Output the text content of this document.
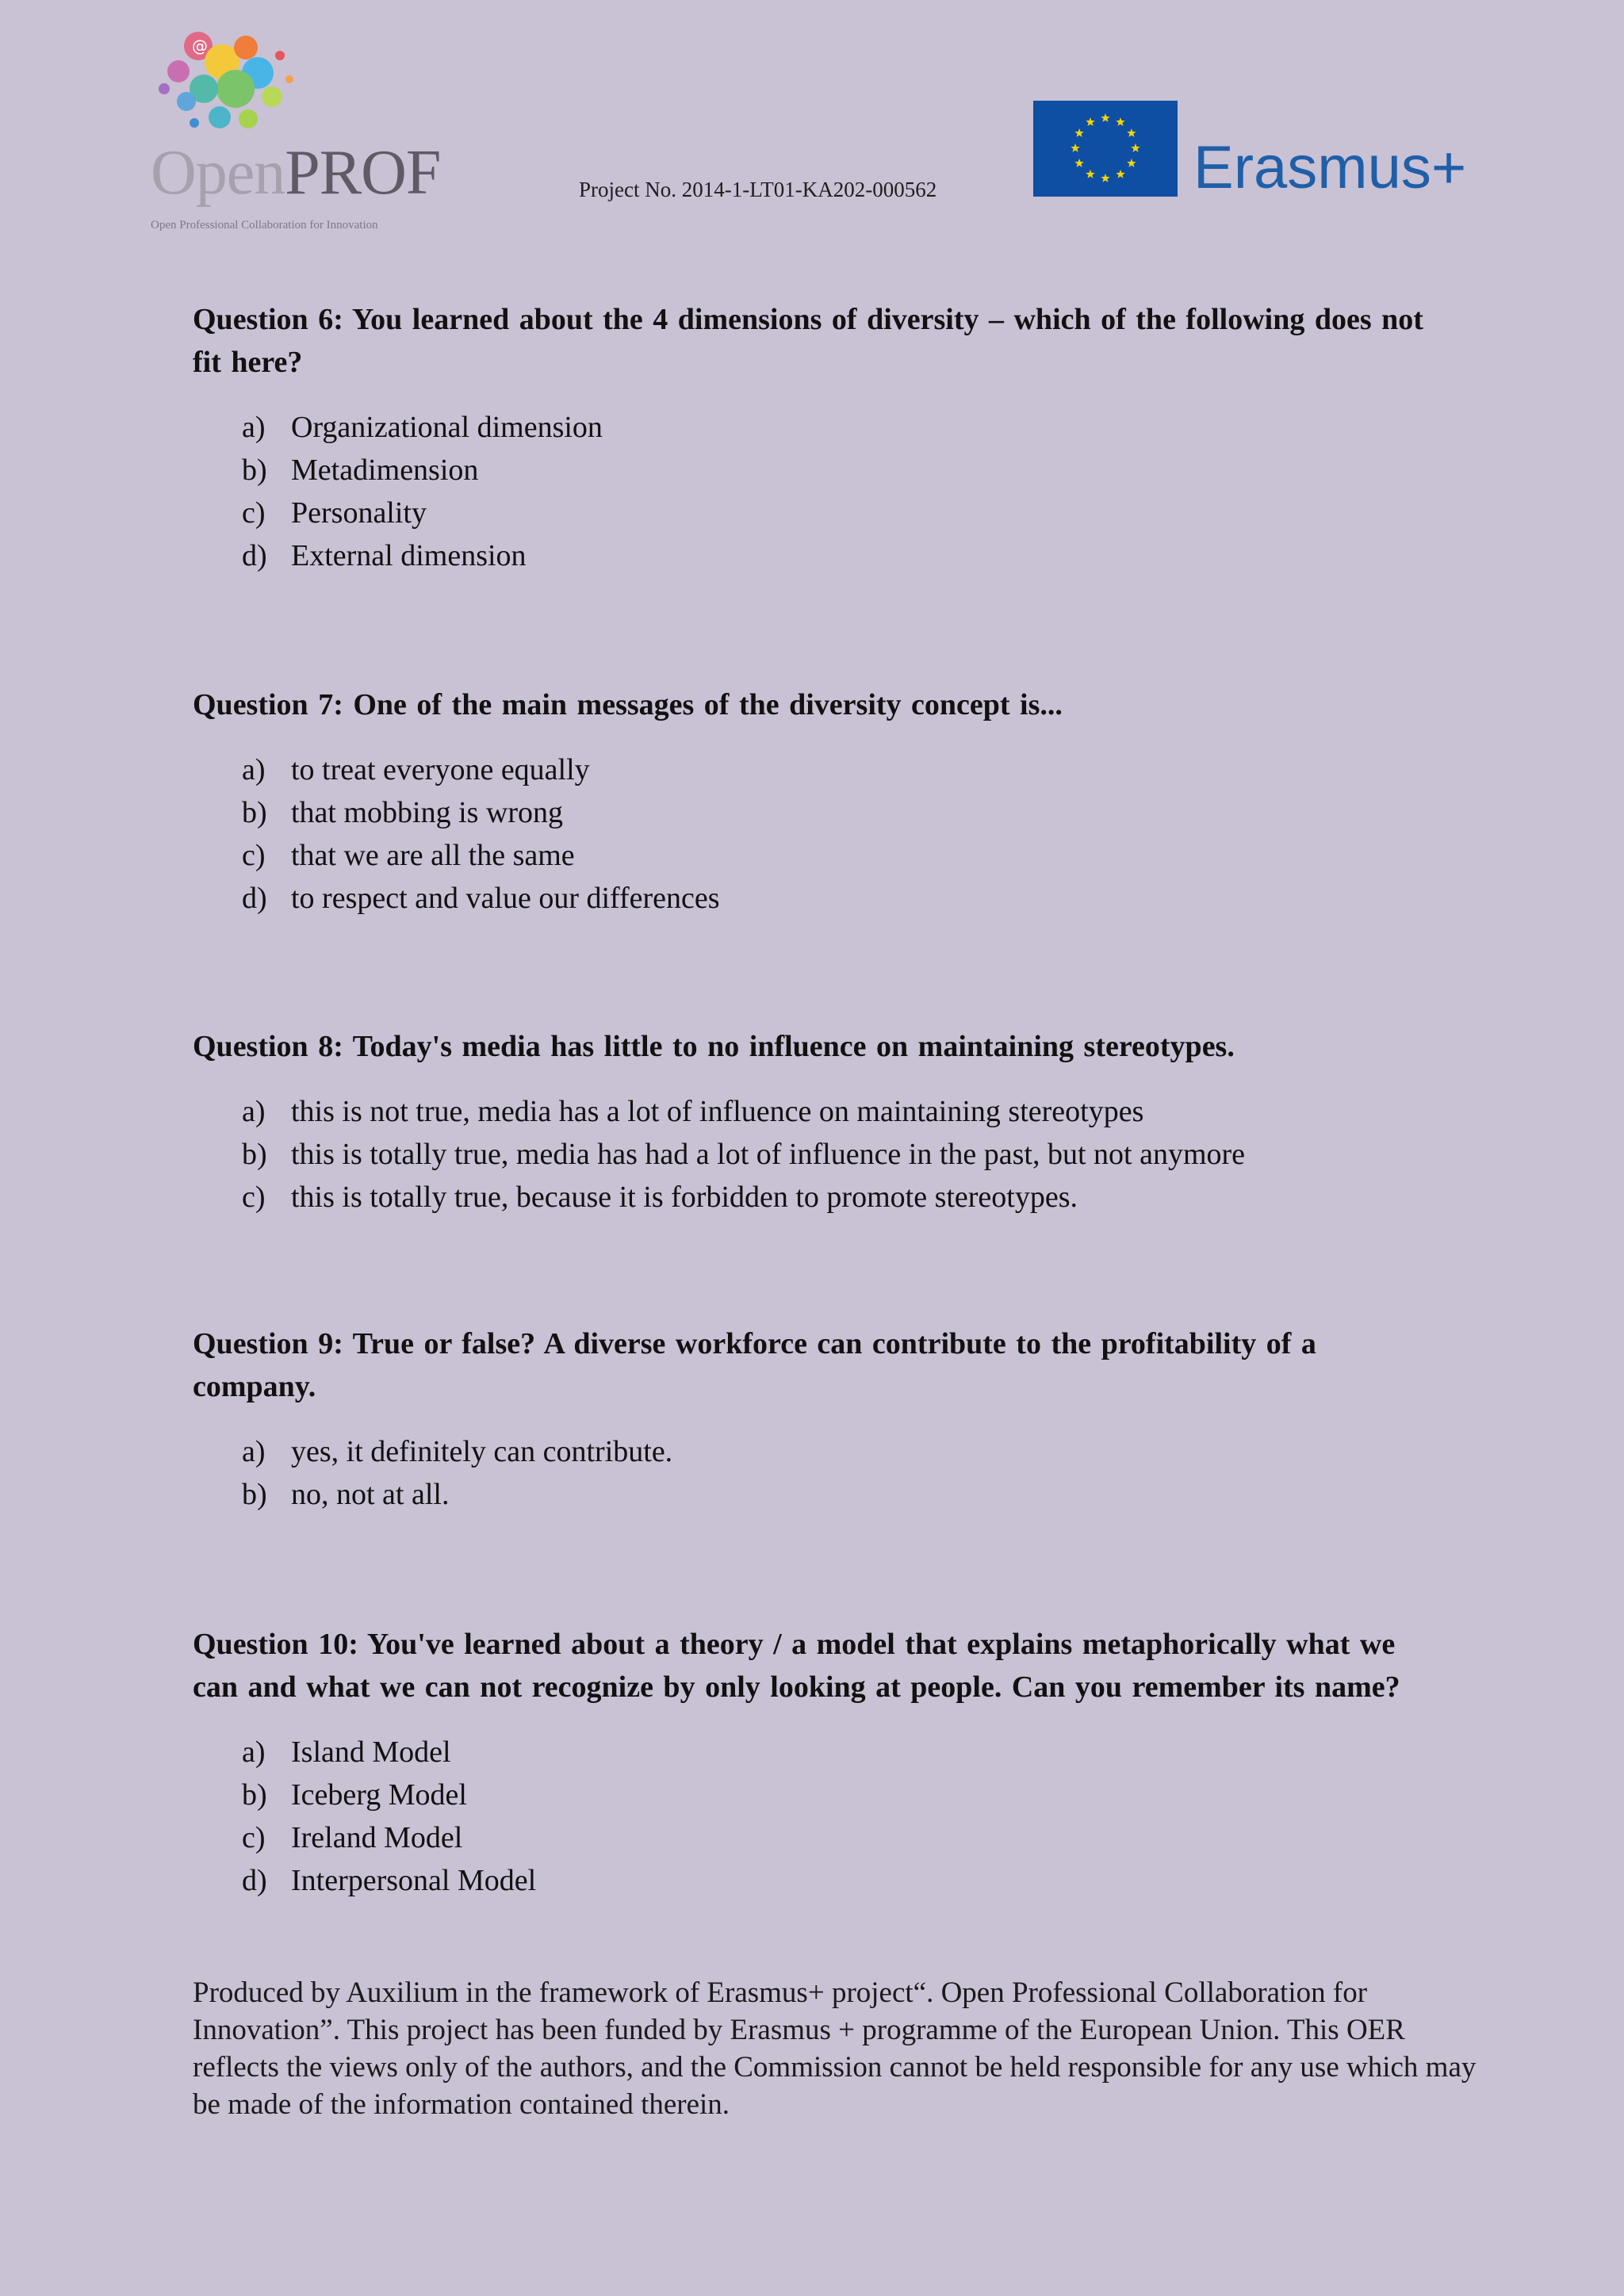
@
OpenPROF
Open Professional Collaboration for Innovation
Project No. 2014-1-LT01-KA202-000562	Erasmus+

Question 6: You learned about the 4 dimensions of diversity – which of the following does not fit here?

a) Organizational dimension
b) Metadimension
c) Personality
d) External dimension

Question 7: One of the main messages of the diversity concept is...

a) to treat everyone equally
b) that mobbing is wrong
c) that we are all the same
d) to respect and value our differences

Question 8: Today's media has little to no influence on maintaining stereotypes.

a) this is not true, media has a lot of influence on maintaining stereotypes
b) this is totally true, media has had a lot of influence in the past, but not anymore
c) this is totally true, because it is forbidden to promote stereotypes.

Question 9: True or false? A diverse workforce can contribute to the profitability of a company.

a) yes, it definitely can contribute.
b) no, not at all.

Question 10: You've learned about a theory / a model that explains metaphorically what we can and what we can not recognize by only looking at people. Can you remember its name?

a) Island Model
b) Iceberg Model
c) Ireland Model
d) Interpersonal Model

Produced by Auxilium in the framework of Erasmus+ project“. Open Professional Collaboration for Innovation”. This project has been funded by Erasmus + programme of the European Union. This OER reflects the views only of the authors, and the Commission cannot be held responsible for any use which may be made of the information contained therein.
